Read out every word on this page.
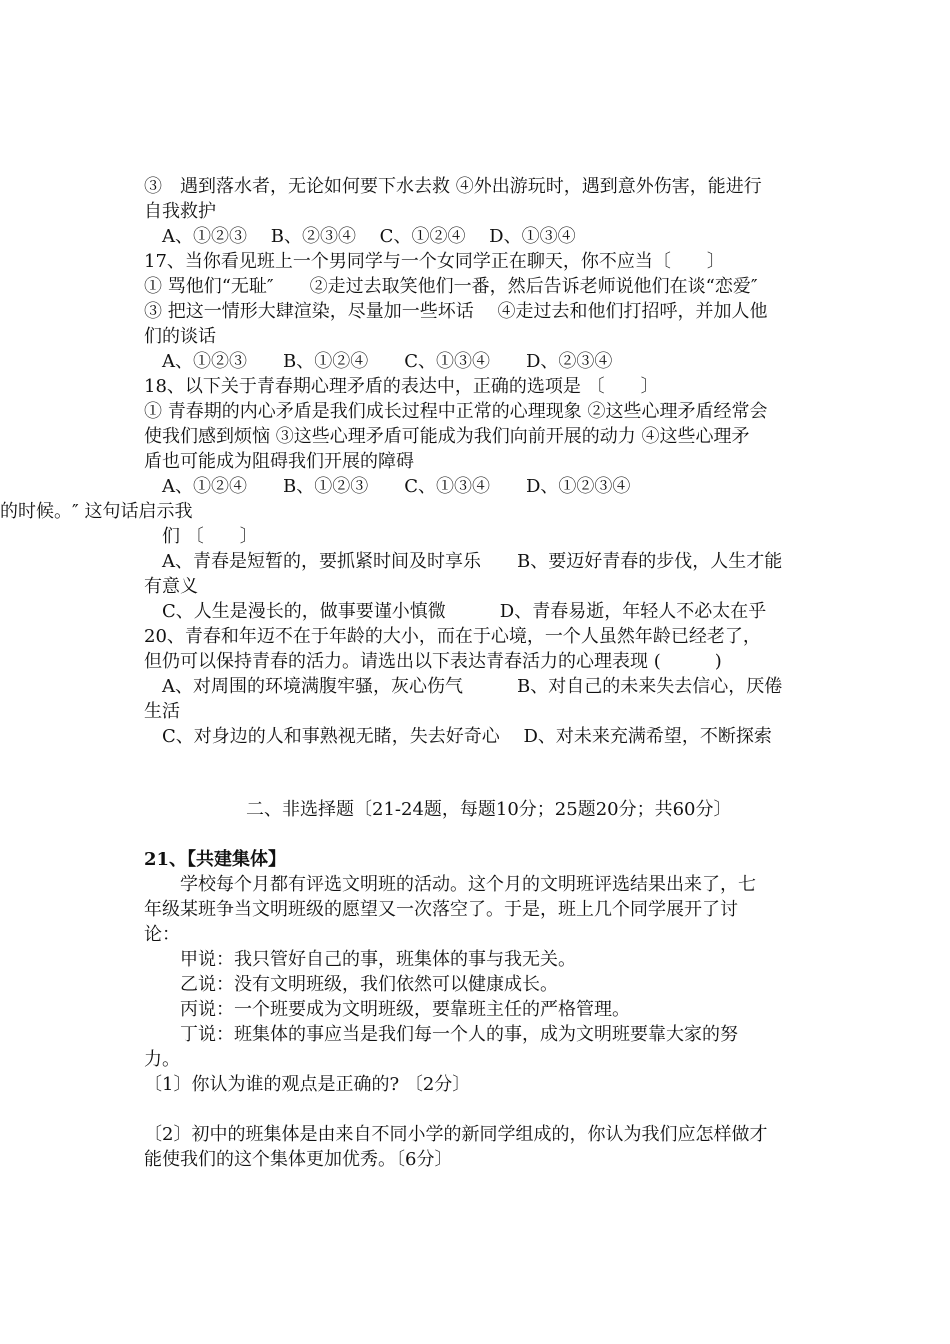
③　遇到落水者，无论如何要下水去救 ④外出游玩时，遇到意外伤害，能进行
自我救护
A、①②③　 B、②③④　 C、①②④　 D、①③④
17、当你看见班上一个男同学与一个女同学正在聊天，你不应当〔　　〕
① 骂他们“无耻″　　②走过去取笑他们一番，然后告诉老师说他们在谈“恋爱″
③ 把这一情形大肆渲染，尽量加一些坏话　 ④走过去和他们打招呼，并加人他
们的谈话
A、①②③　　B、①②④　　C、①③④　　D、②③④
18、以下关于青春期心理矛盾的表达中，正确的选项是 〔　　〕
① 青春期的内心矛盾是我们成长过程中正常的心理现象 ②这些心理矛盾经常会
使我们感到烦恼 ③这些心理矛盾可能成为我们向前开展的动力 ④这些心理矛
盾也可能成为阻碍我们开展的障碍
A、①②④　　B、①②③　　C、①③④　　D、①②③④
的时候。″ 这句话启示我
们 〔　　〕
A、青春是短暂的，要抓紧时间及时享乐　　B、要迈好青春的步伐，人生才能
有意义
C、人生是漫长的，做事要谨小慎微　　　D、青春易逝，年轻人不必太在乎
20、青春和年迈不在于年龄的大小，而在于心境，一个人虽然年龄已经老了，
但仍可以保持青春的活力。请选出以下表达青春活力的心理表现 (　　　)
A、对周围的环境满腹牢骚，灰心伤气　　　B、对自己的未来失去信心，厌倦
生活
C、对身边的人和事熟视无睹，失去好奇心　 D、对未来充满希望，不断探索
二、非选择题〔21-24题，每题10分；25题20分；共60分〕
21、【共建集体】
学校每个月都有评选文明班的活动。这个月的文明班评选结果出来了，七
年级某班争当文明班级的愿望又一次落空了。于是，班上几个同学展开了讨
论：
甲说：我只管好自己的事，班集体的事与我无关。
乙说：没有文明班级，我们依然可以健康成长。
丙说：一个班要成为文明班级，要靠班主任的严格管理。
丁说：班集体的事应当是我们每一个人的事，成为文明班要靠大家的努
力。
〔1〕你认为谁的观点是正确的? 〔2分〕
〔2〕初中的班集体是由来自不同小学的新同学组成的，你认为我们应怎样做才
能使我们的这个集体更加优秀。〔6分〕
